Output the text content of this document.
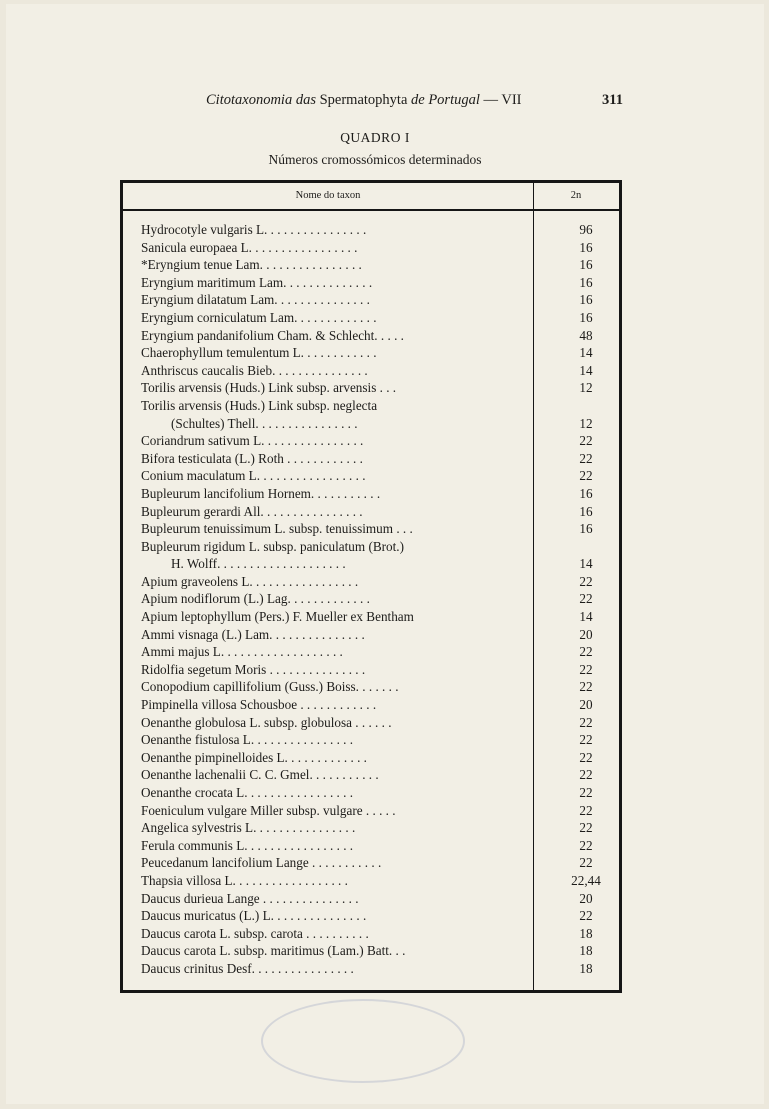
Citotaxonomia das Spermatophyta de Portugal — VII	311
QUADRO I
Números cromossómicos determinados
Nome do taxon	2n
Hydrocotyle vulgaris L. . . . . . . . . . . . . . . .	96
Sanicula europaea L. . . . . . . . . . . . . . . . .	16
*Eryngium tenue Lam. . . . . . . . . . . . . . . .	16
Eryngium maritimum Lam. . . . . . . . . . . . . .	16
Eryngium dilatatum Lam. . . . . . . . . . . . . . .	16
Eryngium corniculatum Lam. . . . . . . . . . . . .	16
Eryngium pandanifolium Cham. & Schlecht. . . . .	48
Chaerophyllum temulentum L. . . . . . . . . . . .	14
Anthriscus caucalis Bieb. . . . . . . . . . . . . . .	14
Torilis arvensis (Huds.) Link subsp. arvensis . . .	12
Torilis arvensis (Huds.) Link subsp. neglecta
(Schultes) Thell. . . . . . . . . . . . . . . .	12
Coriandrum sativum L. . . . . . . . . . . . . . . .	22
Bifora testiculata (L.) Roth . . . . . . . . . . . .	22
Conium maculatum L. . . . . . . . . . . . . . . . .	22
Bupleurum lancifolium Hornem. . . . . . . . . . .	16
Bupleurum gerardi All. . . . . . . . . . . . . . . .	16
Bupleurum tenuissimum L. subsp. tenuissimum . . .	16
Bupleurum rigidum L. subsp. paniculatum (Brot.)
H. Wolff. . . . . . . . . . . . . . . . . . . .	14
Apium graveolens L. . . . . . . . . . . . . . . . .	22
Apium nodiflorum (L.) Lag. . . . . . . . . . . . .	22
Apium leptophyllum (Pers.) F. Mueller ex Bentham	14
Ammi visnaga (L.) Lam. . . . . . . . . . . . . . .	20
Ammi majus L. . . . . . . . . . . . . . . . . . .	22
Ridolfia segetum Moris . . . . . . . . . . . . . . .	22
Conopodium capillifolium (Guss.) Boiss. . . . . . .	22
Pimpinella villosa Schousboe . . . . . . . . . . . .	20
Oenanthe globulosa L. subsp. globulosa . . . . . .	22
Oenanthe fistulosa L. . . . . . . . . . . . . . . .	22
Oenanthe pimpinelloides L. . . . . . . . . . . . .	22
Oenanthe lachenalii C. C. Gmel. . . . . . . . . . .	22
Oenanthe crocata L. . . . . . . . . . . . . . . . .	22
Foeniculum vulgare Miller subsp. vulgare . . . . .	22
Angelica sylvestris L. . . . . . . . . . . . . . . .	22
Ferula communis L. . . . . . . . . . . . . . . . .	22
Peucedanum lancifolium Lange . . . . . . . . . . .	22
Thapsia villosa L. . . . . . . . . . . . . . . . . .	22,44
Daucus durieua Lange . . . . . . . . . . . . . . .	20
Daucus muricatus (L.) L. . . . . . . . . . . . . . .	22
Daucus carota L. subsp. carota . . . . . . . . . .	18
Daucus carota L. subsp. maritimus (Lam.) Batt. . .	18
Daucus crinitus Desf. . . . . . . . . . . . . . . .	18
